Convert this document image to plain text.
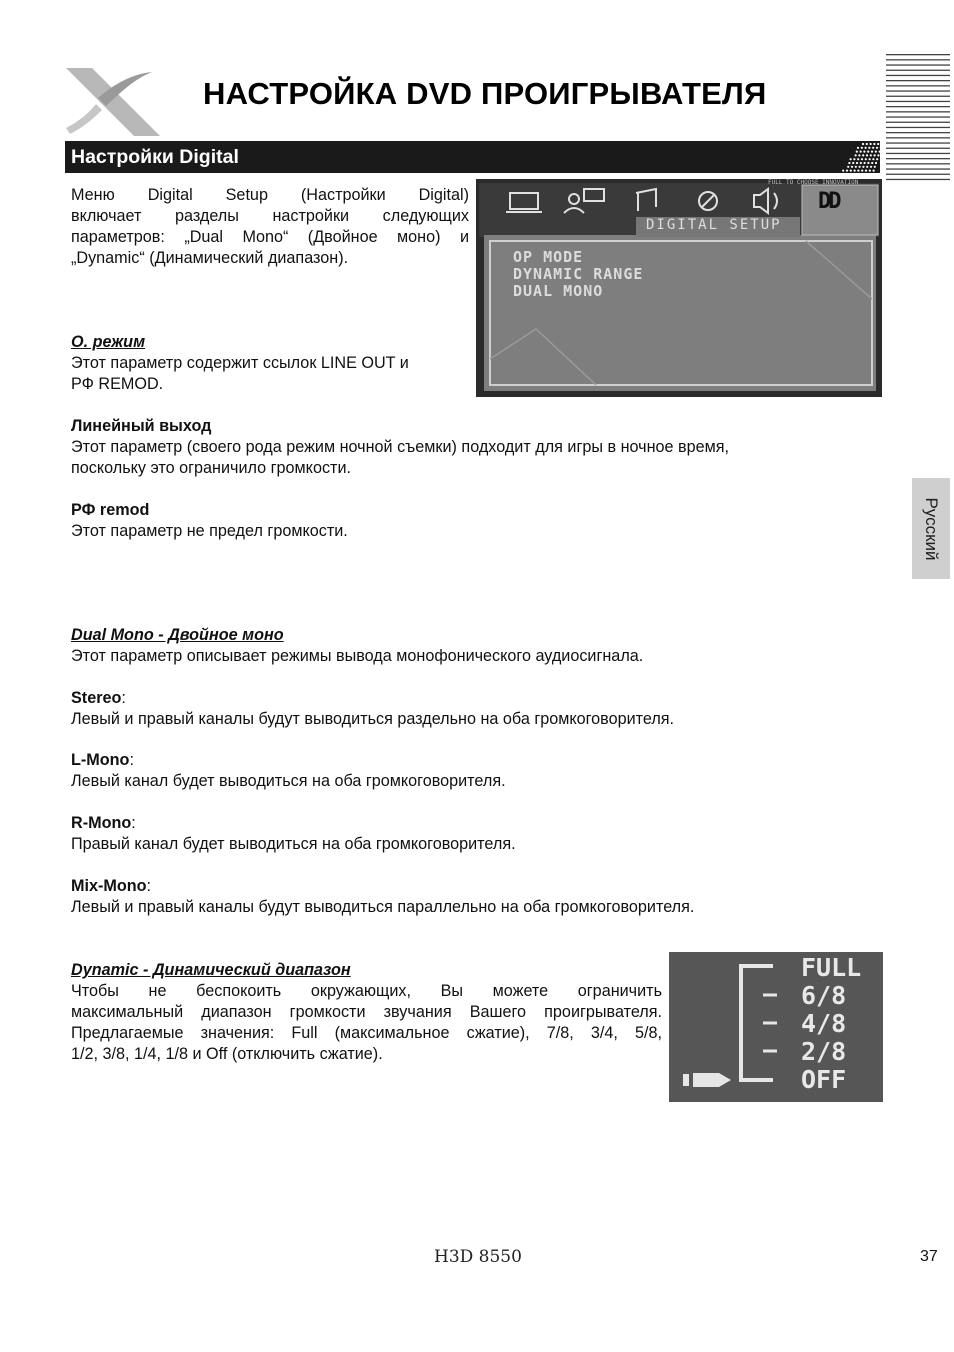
НАСТРОЙКА DVD ПРОИГРЫВАТЕЛЯ
Настройки Digital
Меню Digital Setup (Настройки Digital)
включает разделы настройки следующих
параметров: „Dual Mono“ (Двойное моно) и
„Dynamic“ (Динамический диапазон).
FULL TO CHOOSE INNOVATION
DD
DIGITAL SETUP
OP MODE
DYNAMIC RANGE
DUAL MONO
О. режим
Этот параметр содержит ссылок LINE OUT и
РФ REMOD.
Линейный выход
Этот параметр (своего рода режим ночной съемки) подходит для игры в ночное время,
поскольку это ограничило громкости.
РФ remod
Этот параметр не предел громкости.
Dual Mono - Двойное моно
Этот параметр описывает режимы вывода монофонического аудиосигнала.
Stereo:
Левый и правый каналы будут выводиться раздельно на оба громкоговорителя.
L-Mono:
Левый канал будет выводиться на оба громкоговорителя.
R-Mono:
Правый канал будет выводиться на оба громкоговорителя.
Mix-Mono:
Левый и правый каналы будут выводиться параллельно на оба громкоговорителя.
Dynamic - Динамический диапазон
Чтобы не беспокоить окружающих, Вы можете ограничить
максимальный диапазон громкости звучания Вашего проигрывателя.
Предлагаемые значения: Full (максимальное сжатие), 7/8, 3/4, 5/8,
1/2, 3/8, 1/4, 1/8 и Off (отключить сжатие).
FULL
6/8
4/8
2/8
OFF
Русский
H3D 8550	37
